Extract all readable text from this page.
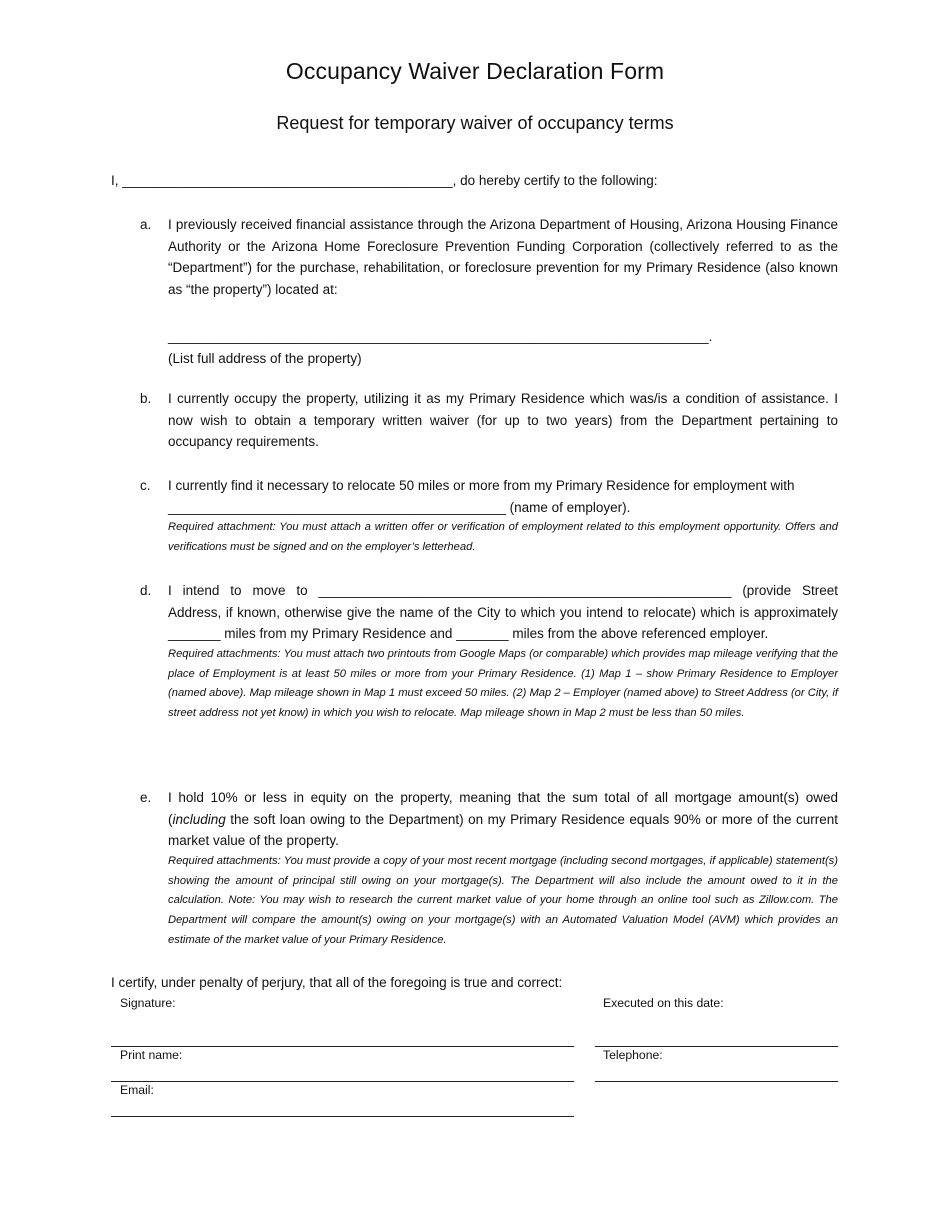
Occupancy Waiver Declaration Form
Request for temporary waiver of occupancy terms
I, ____________________________________________, do hereby certify to the following:
a. I previously received financial assistance through the Arizona Department of Housing, Arizona Housing Finance Authority or the Arizona Home Foreclosure Prevention Funding Corporation (collectively referred to as the “Department”) for the purchase, rehabilitation, or foreclosure prevention for my Primary Residence (also known as “the property”) located at:
________________________________________________________________________.
(List full address of the property)
b. I currently occupy the property, utilizing it as my Primary Residence which was/is a condition of assistance. I now wish to obtain a temporary written waiver (for up to two years) from the Department pertaining to occupancy requirements.
c. I currently find it necessary to relocate 50 miles or more from my Primary Residence for employment with
_____________________________________________ (name of employer).
Required attachment: You must attach a written offer or verification of employment related to this employment opportunity. Offers and verifications must be signed and on the employer’s letterhead.
d. I intend to move to _______________________________________________________ (provide Street Address, if known, otherwise give the name of the City to which you intend to relocate) which is approximately _______ miles from my Primary Residence and _______ miles from the above referenced employer.
Required attachments: You must attach two printouts from Google Maps (or comparable) which provides map mileage verifying that the place of Employment is at least 50 miles or more from your Primary Residence. (1) Map 1 – show Primary Residence to Employer (named above). Map mileage shown in Map 1 must exceed 50 miles. (2) Map 2 – Employer (named above) to Street Address (or City, if street address not yet know) in which you wish to relocate. Map mileage shown in Map 2 must be less than 50 miles.
e. I hold 10% or less in equity on the property, meaning that the sum total of all mortgage amount(s) owed (including the soft loan owing to the Department) on my Primary Residence equals 90% or more of the current market value of the property.
Required attachments: You must provide a copy of your most recent mortgage (including second mortgages, if applicable) statement(s) showing the amount of principal still owing on your mortgage(s). The Department will also include the amount owed to it in the calculation. Note: You may wish to research the current market value of your home through an online tool such as Zillow.com. The Department will compare the amount(s) owing on your mortgage(s) with an Automated Valuation Model (AVM) which provides an estimate of the market value of your Primary Residence.
I certify, under penalty of perjury, that all of the foregoing is true and correct:
Signature:	Executed on this date:
Print name:	Telephone:
Email:
